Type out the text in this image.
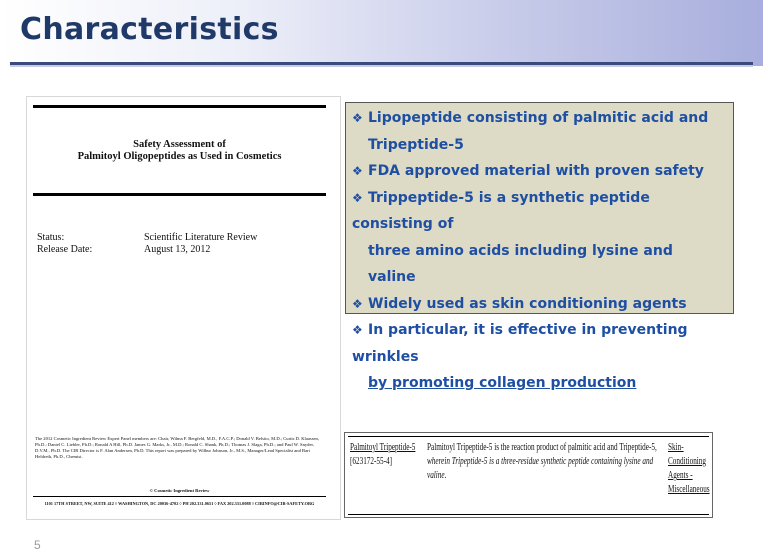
Characteristics
Safety Assessment of
Palmitoyl Oligopeptides as Used in Cosmetics
Status:	Scientific Literature Review
Release Date:	August 13, 2012
The 2012 Cosmetic Ingredient Review Expert Panel members are: Chair, Wilma F. Bergfeld, M.D., F.A.C.P.; Donald V. Belsito, M.D.; Curtis D. Klaassen, Ph.D.; Daniel C. Liebler, Ph.D.; Ronald A Hill, Ph.D. James G. Marks, Jr., M.D.; Ronald C. Shank, Ph.D.; Thomas J. Slaga, Ph.D.; and Paul W. Snyder, D.V.M., Ph.D. The CIR Director is F. Alan Andersen, Ph.D. This report was prepared by Wilbur Johnson, Jr., M.S., Manager/Lead Specialist and Bart Heldreth, Ph.D., Chemist.
© Cosmetic Ingredient Review
1101 17TH STREET, NW, SUITE 412 ◊ WASHINGTON, DC 20036-4702 ◊ PH 202.331.0651 ◊ FAX 202.331.0088 ◊ CIRINFO@CIR-SAFETY.ORG
❖ Lipopeptide consisting of palmitic acid and
Tripeptide-5
❖ FDA approved material with proven safety
❖ Trippeptide-5 is a synthetic peptide consisting of
three amino acids including lysine and valine
❖ Widely used as skin conditioning agents
❖ In particular, it is effective in preventing wrinkles
by promoting collagen production
Palmitoyl Tripeptide-5
[623172-55-4]
Palmitoyl Tripeptide-5 is the reaction product of palmitic acid and Tripeptide-5,
wherein Tripeptide-5 is a three-residue synthetic peptide containing lysine and valine.
Skin-
Conditioning
Agents -
Miscellaneous
5
